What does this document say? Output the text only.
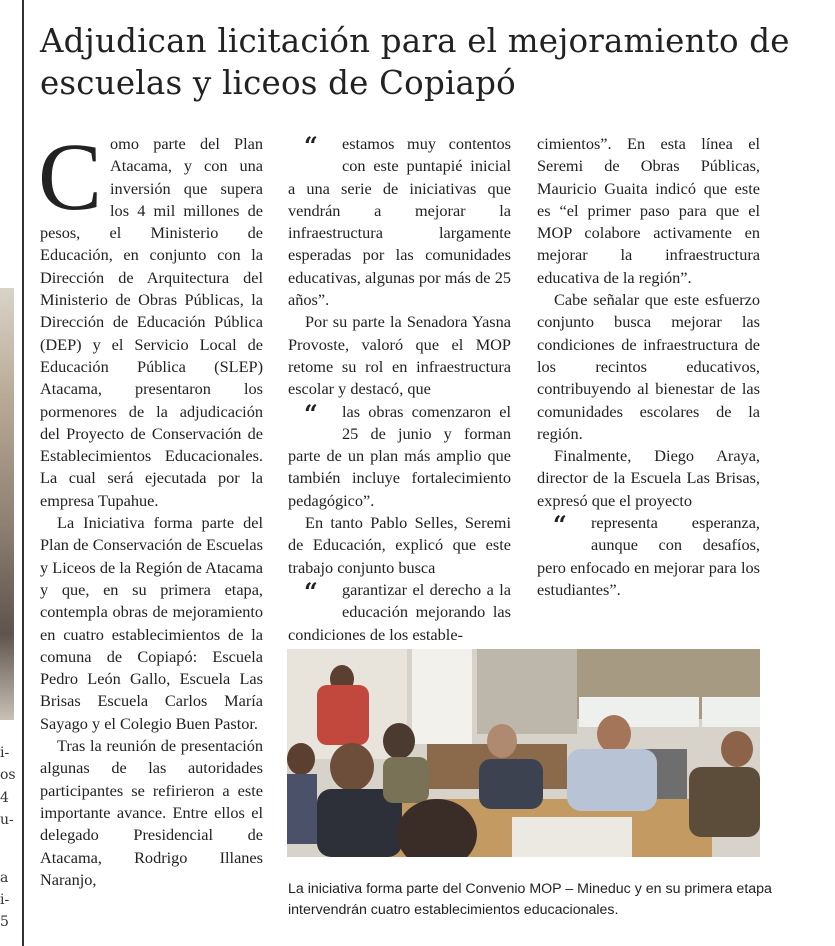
i-
os
4
u-
a
i-
5
Adjudican licitación para el mejoramiento de escuelas y liceos de Copiapó

C omo parte del Plan Atacama, y con una inversión que supera los 4 mil millones de pesos, el Ministerio de Educación, en conjunto con la Dirección de Arquitectura del Ministerio de Obras Públicas, la Dirección de Educación Pública (DEP) y el Servicio Local de Educación Pública (SLEP) Atacama, presentaron los pormenores de la adjudicación del Proyecto de Conservación de Establecimientos Educacionales. La cual será ejecutada por la empresa Tupahue.

La Iniciativa forma parte del Plan de Conservación de Escuelas y Liceos de la Región de Atacama y que, en su primera etapa, contempla obras de mejoramiento en cuatro establecimientos de la comuna de Copiapó: Escuela Pedro León Gallo, Escuela Las Brisas Escuela Carlos María Sayago y el Colegio Buen Pastor.

Tras la reunión de presentación algunas de las autoridades participantes se refirieron a este importante avance. Entre ellos el delegado Presidencial de Atacama, Rodrigo Illanes Naranjo,

“	estamos muy contentos con este puntapié inicial a una serie de iniciativas que vendrán a mejorar la infraestructura largamente esperadas por las comunidades educativas, algunas por más de 25 años”.

Por su parte la Senadora Yasna Provoste, valoró que el MOP retome su rol en infraestructura escolar y destacó, que

“	las obras comenzaron el 25 de junio y forman parte de un plan más amplio que también incluye fortalecimiento pedagógico”.

En tanto Pablo Selles, Seremi de Educación, explicó que este trabajo conjunto busca

“	garantizar el derecho a la educación mejorando las condiciones de los estable-

cimientos”. En esta línea el Seremi de Obras Públicas, Mauricio Guaita indicó que este es “el primer paso para que el MOP colabore activamente en mejorar la infraestructura educativa de la región”.

Cabe señalar que este esfuerzo conjunto busca mejorar las condiciones de infraestructura de los recintos educativos, contribuyendo al bienestar de las comunidades escolares de la región.

Finalmente, Diego Araya, director de la Escuela Las Brisas, expresó que el proyecto

“	representa esperanza, aunque con desafíos, pero enfocado en mejorar para los estudiantes”.

La iniciativa forma parte del Convenio MOP – Mineduc y en su primera etapa intervendrán cuatro establecimientos educacionales.
